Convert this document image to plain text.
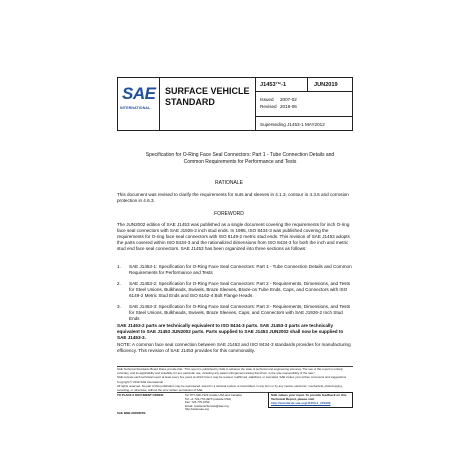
SAE
INTERNATIONAL.
SURFACE VEHICLE
STANDARD
J1453™-1	JUN2019
Issued 2007-02
Revised 2019-06
Superseding J1453-1 MAY2012
Specification for O-Ring Face Seal Connectors: Part 1 - Tube Connection Details and Common Requirements for Performance and Tests
RATIONALE
This document was revised to clarify the requirements for nuts and sleeves in 4.1.3, contour in 4.3.6 and corrosion protection in 4.6.3.
FOREWORD
The JUN2002 edition of SAE J1453 was published as a single document covering the requirements for inch O-ring face seal connectors with SAE J1926-2 inch stud ends. In 1995, ISO 8434-3 was published covering the requirements for O-ring face seal connectors with ISO 6149-2 metric stud ends. This revision of SAE J1453 adopts the parts covered within ISO 8434-3 and the rationalized dimensions from ISO 8434-3 for both the inch and metric stud end face seal connectors. SAE J1453 has been organized into three sections as follows:
1. SAE J1453-1: Specification for O-Ring Face Seal Connectors: Part 1 - Tube Connection Details and Common Requirements for Performance and Tests
2. SAE J1453-2: Specification for O-Ring Face Seal Connectors: Part 2 - Requirements, Dimensions, and Tests for Steel Unions, Bulkheads, Swivels, Braze Sleeves, Braze-on Tube Ends, Caps, and Connectors with ISO 6149-2 Metric Stud Ends and ISO 6162-4 Bolt Flange Heads
3. SAE J1453-3: Specification for O-Ring Face Seal Connectors: Part 3 - Requirements, Dimensions, and Tests for Steel Unions, Bulkheads, Swivels, Braze Sleeves, Caps, and Connectors with SAE J1926-2 Inch Stud Ends
SAE J1453-2 parts are technically equivalent to ISO 8434-3 parts. SAE J1453-3 parts are technically equivalent to SAE J1453 JUN2002 parts. Parts supplied to SAE J1453 JUN2002 shall now be supplied to SAE J1453-3.
NOTE: A common face seal connection between SAE J1453 and ISO 8434-3 standards provides for manufacturing efficiency. This revision of SAE J1453 provides for this commonality.
SAE Technical Standards Board Rules provide that: "This report is published by SAE to advance the state of technical and engineering sciences. The use of this report is entirely voluntary, and its applicability and suitability for any particular use, including any patent infringement arising therefrom, is the sole responsibility of the user."
SAE reviews each technical report at least every five years at which time it may be revised, reaffirmed, stabilized, or cancelled. SAE invites your written comments and suggestions.
Copyright © 2019 SAE International
All rights reserved. No part of this publication may be reproduced, stored in a retrieval system or transmitted, in any form or by any means, electronic, mechanical, photocopying, recording, or otherwise, without the prior written permission of SAE.
TO PLACE A DOCUMENT ORDER:	Tel: 877-606-7323 (inside USA and Canada)
Tel: +1 724-776-4970 (outside USA)
Fax: 724-776-0790
Email: CustomerService@sae.org
http://www.sae.org
SAE values your input. To provide feedback on this Technical Report, please visit http://standards.sae.org/J1453-1_201906
SAE WEB ADDRESS:
